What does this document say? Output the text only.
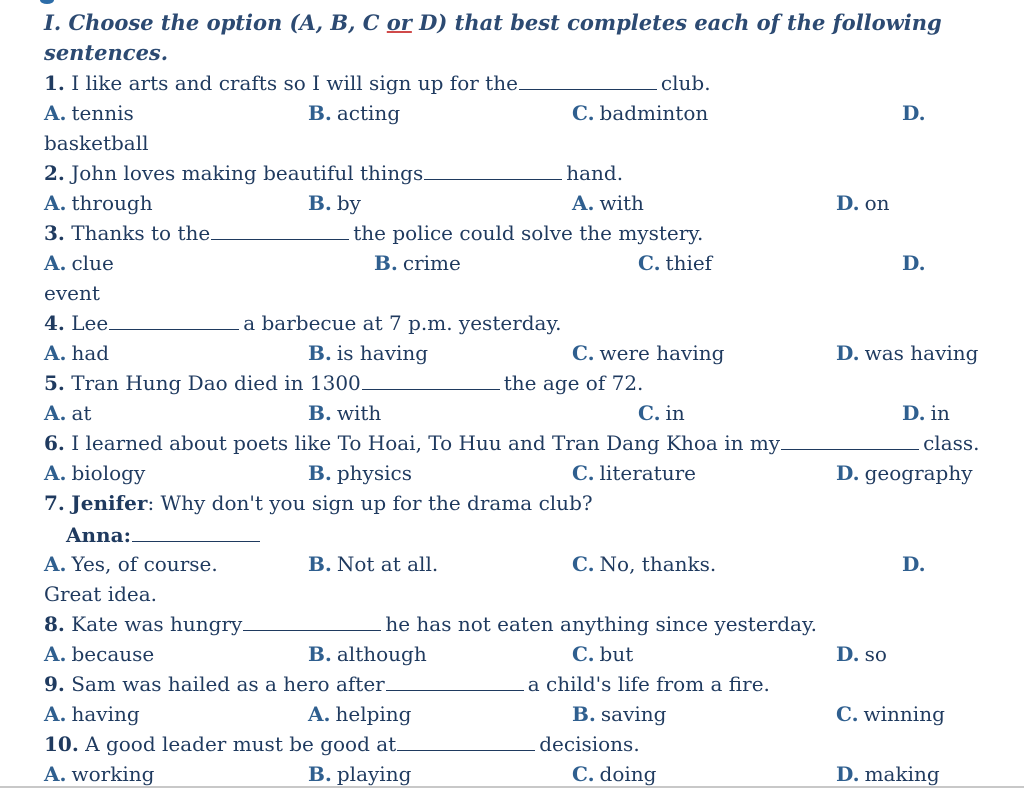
I. Choose the option (A, B, C or D) that best completes each of the following
sentences.
1. I like arts and crafts so I will sign up for the	club.
A. tennis	B. acting	C. badminton	D.
basketball
2. John loves making beautiful things	hand.
A. through	B. by	A. with	D. on
3. Thanks to the	the police could solve the mystery.
A. clue	B. crime	C. thief	D.
event
4. Lee	a barbecue at 7 p.m. yesterday.
A. had	B. is having	C. were having	D. was having
5. Tran Hung Dao died in 1300	the age of 72.
A. at	B. with	C. in	D. in
6. I learned about poets like To Hoai, To Huu and Tran Dang Khoa in my	class.
A. biology	B. physics	C. literature	D. geography
7. Jenifer: Why don't you sign up for the drama club?
Anna:
A. Yes, of course.	B. Not at all.	C. No, thanks.	D.
Great idea.
8. Kate was hungry	he has not eaten anything since yesterday.
A. because	B. although	C. but	D. so
9. Sam was hailed as a hero after	a child's life from a fire.
A. having	A. helping	B. saving	C. winning
10. A good leader must be good at	decisions.
A. working	B. playing	C. doing	D. making
